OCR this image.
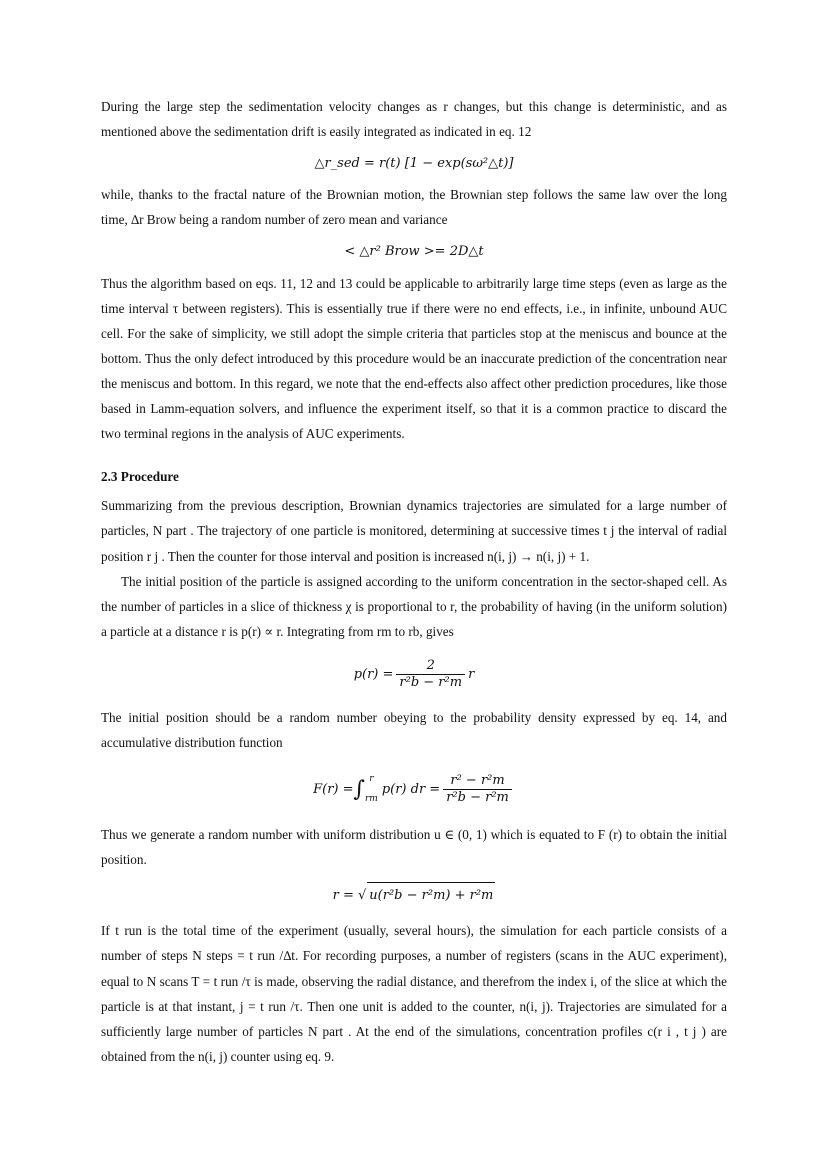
During the large step the sedimentation velocity changes as r changes, but this change is deterministic, and as mentioned above the sedimentation drift is easily integrated as indicated in eq. 12

△r_sed = r(t) [1 − exp(sω²△t)]

while, thanks to the fractal nature of the Brownian motion, the Brownian step follows the same law over the long time, ∆r Brow being a random number of zero mean and variance

< △r² Brow >= 2D△t

Thus the algorithm based on eqs. 11, 12 and 13 could be applicable to arbitrarily large time steps (even as large as the time interval τ between registers). This is essentially true if there were no end effects, i.e., in infinite, unbound AUC cell. For the sake of simplicity, we still adopt the simple criteria that particles stop at the meniscus and bounce at the bottom. Thus the only defect introduced by this procedure would be an inaccurate prediction of the concentration near the meniscus and bottom. In this regard, we note that the end-effects also affect other prediction procedures, like those based in Lamm-equation solvers, and influence the experiment itself, so that it is a common practice to discard the two terminal regions in the analysis of AUC experiments.

2.3 Procedure

Summarizing from the previous description, Brownian dynamics trajectories are simulated for a large number of particles, N part . The trajectory of one particle is monitored, determining at successive times t j the interval of radial position r j . Then the counter for those interval and position is increased n(i, j) → n(i, j) + 1.

The initial position of the particle is assigned according to the uniform concentration in the sector-shaped cell. As the number of particles in a slice of thickness χ is proportional to r, the probability of having (in the uniform solution) a particle at a distance r is p(r) ∝ r. Integrating from rm to rb, gives

$p(r) = \frac{2}{\text{r²b − r²m}}$ r

The initial position should be a random number obeying to the probability density expressed by eq. 14, and accumulative distribution function

F(r) = ∫ r
rm
p(r) dr = $\frac{\text{r² − r²m}}{\text{r²b − r²m}}$

Thus we generate a random number with uniform distribution u ∈ (0, 1) which is equated to F (r) to obtain the initial position.

r = √ u(r²b − r²m) + r²m

If t run is the total time of the experiment (usually, several hours), the simulation for each particle consists of a number of steps N steps = t run /∆t. For recording purposes, a number of registers (scans in the AUC experiment), equal to N scans T = t run /τ is made, observing the radial distance, and therefrom the index i, of the slice at which the particle is at that instant, j = t run /τ. Then one unit is added to the counter, n(i, j). Trajectories are simulated for a sufficiently large number of particles N part . At the end of the simulations, concentration profiles c(r i , t j ) are obtained from the n(i, j) counter using eq. 9.
